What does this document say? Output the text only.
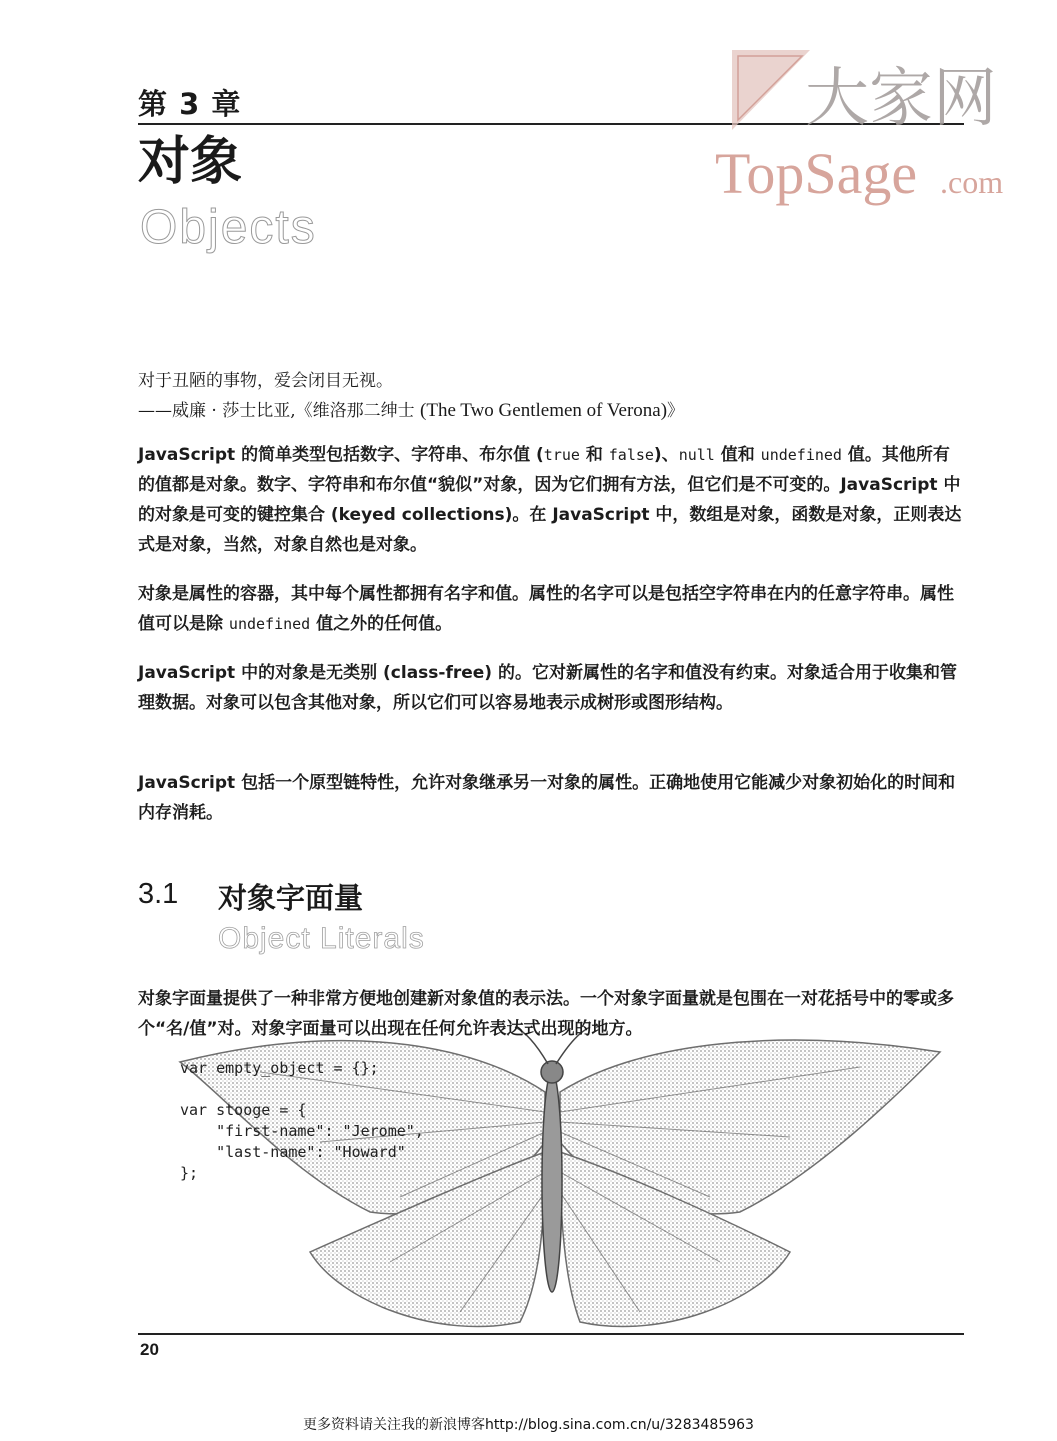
第 3 章
对象
Objects
大家网
TopSage .com
对于丑陋的事物，爱会闭目无视。
——威廉 · 莎士比亚,《维洛那二绅士 (The Two Gentlemen of Verona)》
JavaScript 的简单类型包括数字、字符串、布尔值 (true 和 false)、null 值和 undefined 值。其他所有的值都是对象。数字、字符串和布尔值“貌似”对象，因为它们拥有方法，但它们是不可变的。JavaScript 中的对象是可变的键控集合 (keyed collections)。在 JavaScript 中，数组是对象，函数是对象，正则表达式是对象，当然，对象自然也是对象。
对象是属性的容器，其中每个属性都拥有名字和值。属性的名字可以是包括空字符串在内的任意字符串。属性值可以是除 undefined 值之外的任何值。
JavaScript 中的对象是无类别 (class-free) 的。它对新属性的名字和值没有约束。对象适合用于收集和管理数据。对象可以包含其他对象，所以它们可以容易地表示成树形或图形结构。
JavaScript 包括一个原型链特性，允许对象继承另一对象的属性。正确地使用它能减少对象初始化的时间和内存消耗。
3.1 对象字面量
Object Literals
对象字面量提供了一种非常方便地创建新对象值的表示法。一个对象字面量就是包围在一对花括号中的零或多个“名/值”对。对象字面量可以出现在任何允许表达式出现的地方。
var empty_object = {};

var stooge = {
"first-name": "Jerome",
"last-name": "Howard"
};
20
更多资料请关注我的新浪博客http://blog.sina.com.cn/u/3283485963
